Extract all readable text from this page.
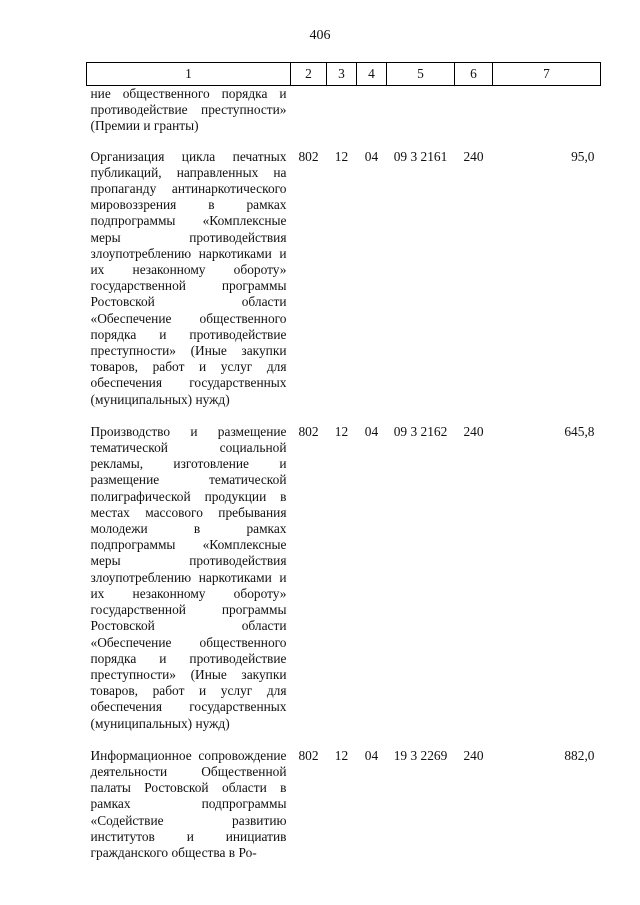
406
1	2	3	4	5	6	7
ние общественного порядка и противодействие преступности» (Премии и гранты)						
Организация цикла печатных публикаций, направленных на пропаганду антинаркотического мировоззрения в рамках подпрограммы «Комплексные меры противодействия злоупотреблению наркотиками и их незаконному обороту» государственной программы Ростовской области «Обеспечение общественного порядка и противодействие преступности» (Иные закупки товаров, работ и услуг для обеспечения государственных (муниципальных) нужд)	802	12	04	09 3 2161	240	95,0
Производство и размещение тематической социальной рекламы, изготовление и размещение тематической полиграфической продукции в местах массового пребывания молодежи в рамках подпрограммы «Комплексные меры противодействия злоупотреблению наркотиками и их незаконному обороту» государственной программы Ростовской области «Обеспечение общественного порядка и противодействие преступности» (Иные закупки товаров, работ и услуг для обеспечения государственных (муниципальных) нужд)	802	12	04	09 3 2162	240	645,8
Информационное сопровождение деятельности Общественной палаты Ростовской области в рамках подпрограммы «Содействие развитию институтов и инициатив гражданского общества в Ро-	802	12	04	19 3 2269	240	882,0
